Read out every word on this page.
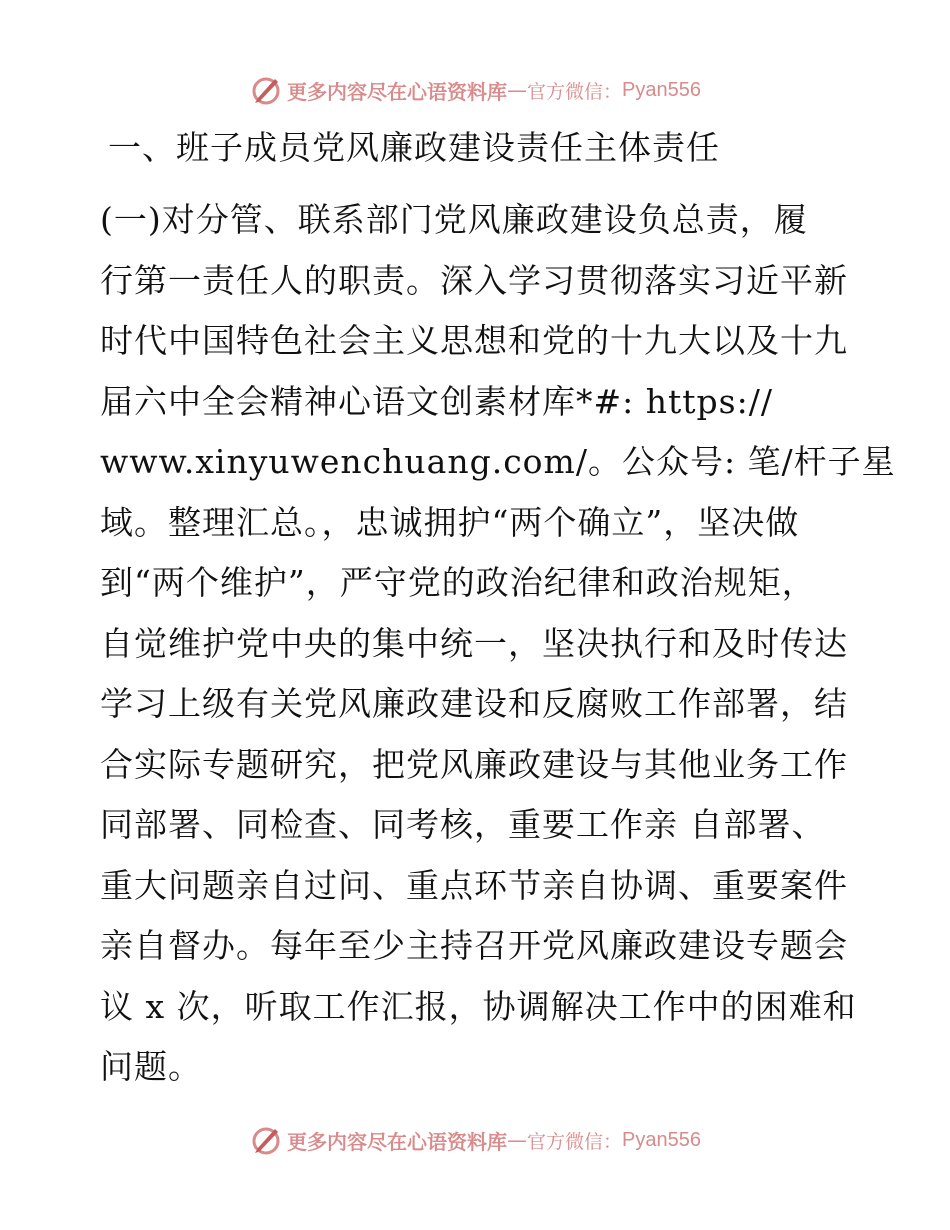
更多内容尽在心语资料库 — 官方微信： Pyan556
一、班子成员党风廉政建设责任主体责任
(一)对分管、联系部门党风廉政建设负总责，履
行第一责任人的职责。深入学习贯彻落实习近平新
时代中国特色社会主义思想和党的十九大以及十九
届六中全会精神心语文创素材库*#: https://
www.xinyuwenchuang.com/。公众号: 笔/杆子星
域。整理汇总。，忠诚拥护“两个确立”，坚决做
到“两个维护”，严守党的政治纪律和政治规矩，
自觉维护党中央的集中统一，坚决执行和及时传达
学习上级有关党风廉政建设和反腐败工作部署，结
合实际专题研究，把党风廉政建设与其他业务工作
同部署、同检查、同考核，重要工作亲 自部署、
重大问题亲自过问、重点环节亲自协调、重要案件
亲自督办。每年至少主持召开党风廉政建设专题会
议 x 次，听取工作汇报，协调解决工作中的困难和
问题。
更多内容尽在心语资料库 — 官方微信： Pyan556
